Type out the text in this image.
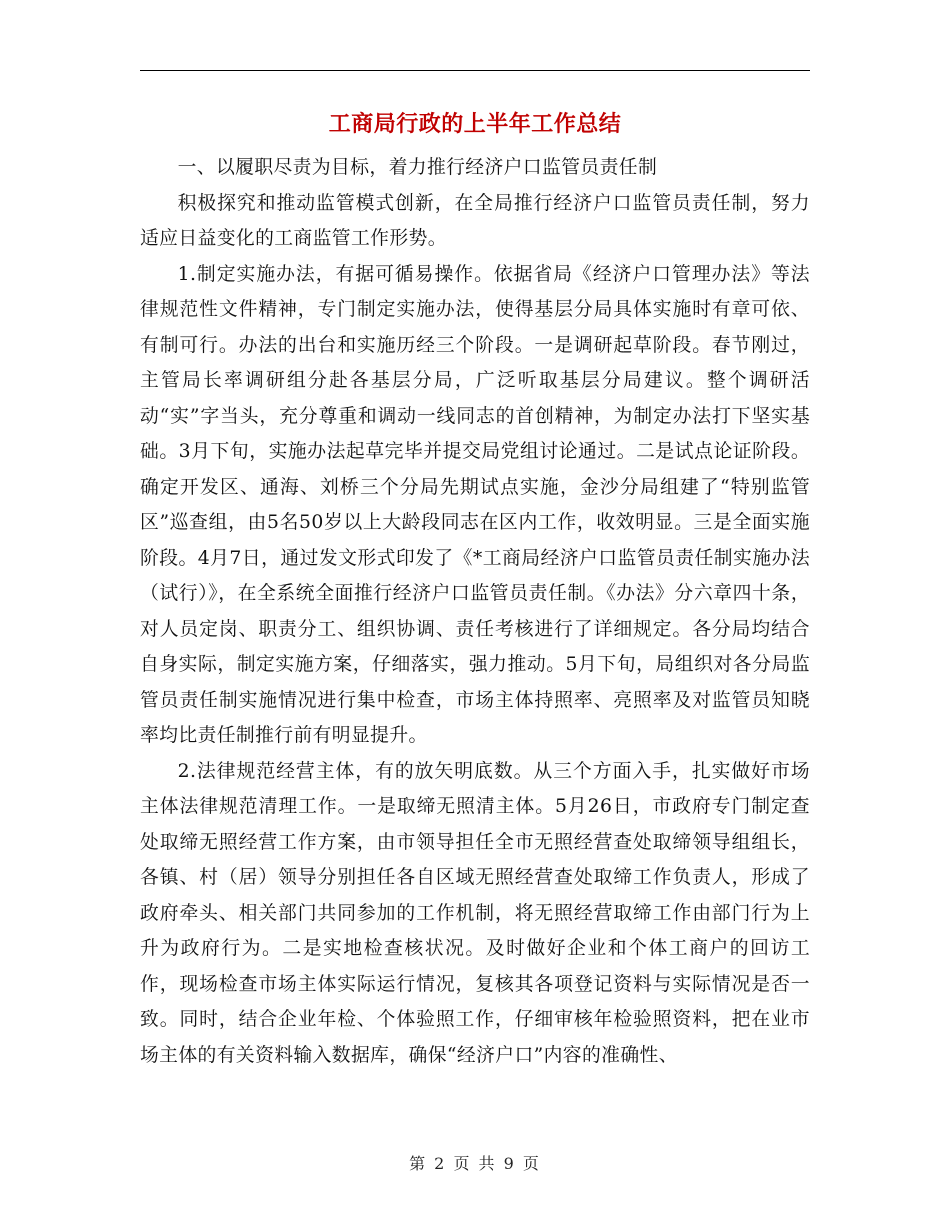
工商局行政的上半年工作总结

一、以履职尽责为目标，着力推行经济户口监管员责任制

积极探究和推动监管模式创新，在全局推行经济户口监管员责任制，努力适应日益变化的工商监管工作形势。

1.制定实施办法，有据可循易操作。依据省局《经济户口管理办法》等法律规范性文件精神，专门制定实施办法，使得基层分局具体实施时有章可依、有制可行。办法的出台和实施历经三个阶段。一是调研起草阶段。春节刚过，主管局长率调研组分赴各基层分局，广泛听取基层分局建议。整个调研活动“实”字当头，充分尊重和调动一线同志的首创精神，为制定办法打下坚实基础。3月下旬，实施办法起草完毕并提交局党组讨论通过。二是试点论证阶段。确定开发区、通海、刘桥三个分局先期试点实施，金沙分局组建了“特别监管区”巡查组，由5名50岁以上大龄段同志在区内工作，收效明显。三是全面实施阶段。4月7日，通过发文形式印发了《*工商局经济户口监管员责任制实施办法（试行）》，在全系统全面推行经济户口监管员责任制。《办法》分六章四十条，对人员定岗、职责分工、组织协调、责任考核进行了详细规定。各分局均结合自身实际，制定实施方案，仔细落实，强力推动。5月下旬，局组织对各分局监管员责任制实施情况进行集中检查，市场主体持照率、亮照率及对监管员知晓率均比责任制推行前有明显提升。

2.法律规范经营主体，有的放矢明底数。从三个方面入手，扎实做好市场主体法律规范清理工作。一是取缔无照清主体。5月26日，市政府专门制定查处取缔无照经营工作方案，由市领导担任全市无照经营查处取缔领导组组长，各镇、村（居）领导分别担任各自区域无照经营查处取缔工作负责人，形成了政府牵头、相关部门共同参加的工作机制，将无照经营取缔工作由部门行为上升为政府行为。二是实地检查核状况。及时做好企业和个体工商户的回访工作，现场检查市场主体实际运行情况，复核其各项登记资料与实际情况是否一致。同时，结合企业年检、个体验照工作，仔细审核年检验照资料，把在业市场主体的有关资料输入数据库，确保“经济户口”内容的准确性、

第 2 页 共 9 页
